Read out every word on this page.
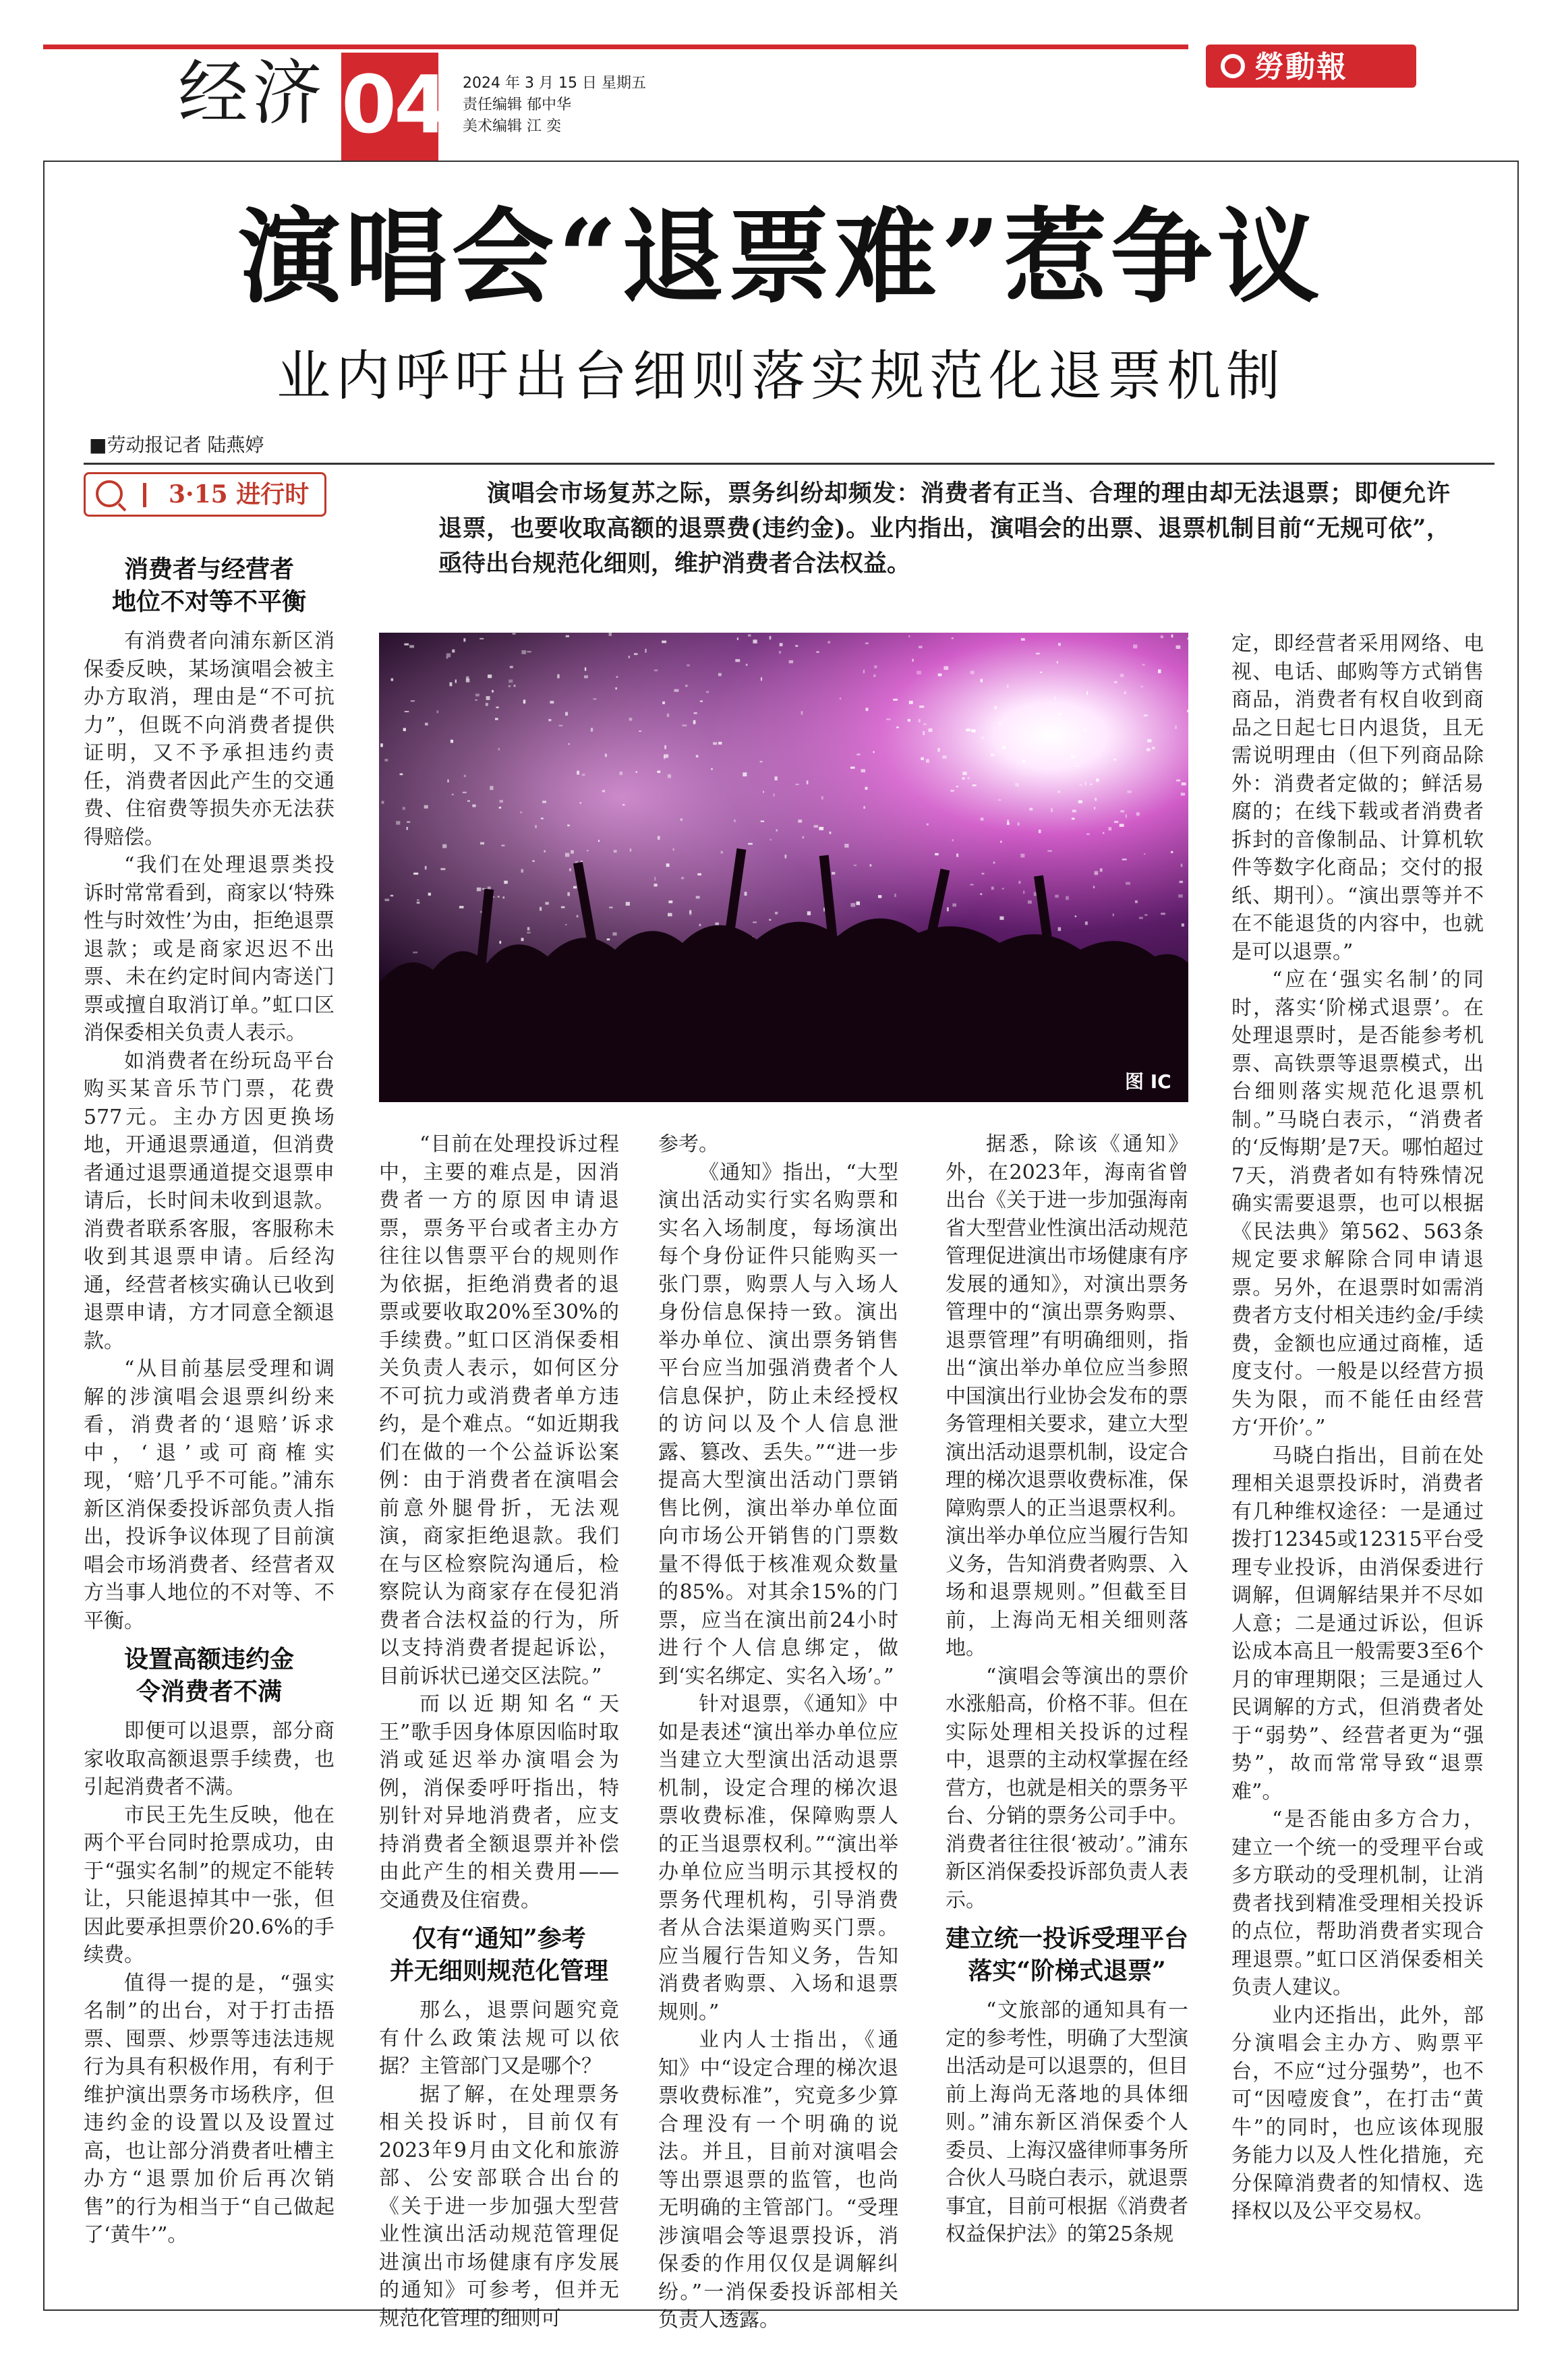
经济 04 2024 年 3 月 15 日 星期五
责任编辑 郁中华
美术编辑 江 奕
勞動報
演唱会“退票难”惹争议
业内呼吁出台细则落实规范化退票机制
■劳动报记者 陆燕婷
3·15 进行时	演唱会市场复苏之际，票务纠纷却频发：消费者有正当、合理的理由却无法退票；即便允许退票，也要收取高额的退票费(违约金)。业内指出，演唱会的出票、退票机制目前“无规可依”，亟待出台规范化细则，维护消费者合法权益。
图 IC
消费者与经营者
地位不对等不平衡

有消费者向浦东新区消保委反映，某场演唱会被主办方取消，理由是“不可抗力”，但既不向消费者提供证明，又不予承担违约责任，消费者因此产生的交通费、住宿费等损失亦无法获得赔偿。

“我们在处理退票类投诉时常常看到，商家以‘特殊性与时效性’为由，拒绝退票退款；或是商家迟迟不出票、未在约定时间内寄送门票或擅自取消订单。”虹口区消保委相关负责人表示。

如消费者在纷玩岛平台购买某音乐节门票，花费577元。主办方因更换场地，开通退票通道，但消费者通过退票通道提交退票申请后，长时间未收到退款。消费者联系客服，客服称未收到其退票申请。后经沟通，经营者核实确认已收到退票申请，方才同意全额退款。

“从目前基层受理和调解的涉演唱会退票纠纷来看，消费者的‘退赔’诉求中，‘退’或可商榷实现，‘赔’几乎不可能。”浦东新区消保委投诉部负责人指出，投诉争议体现了目前演唱会市场消费者、经营者双方当事人地位的不对等、不平衡。

设置高额违约金
令消费者不满

即便可以退票，部分商家收取高额退票手续费，也引起消费者不满。

市民王先生反映，他在两个平台同时抢票成功，由于“强实名制”的规定不能转让，只能退掉其中一张，但因此要承担票价20.6%的手续费。

值得一提的是，“强实名制”的出台，对于打击捂票、囤票、炒票等违法违规行为具有积极作用，有利于维护演出票务市场秩序，但违约金的设置以及设置过高，也让部分消费者吐槽主办方“退票加价后再次销售”的行为相当于“自己做起了‘黄牛’”。

“目前在处理投诉过程中，主要的难点是，因消费者一方的原因申请退票，票务平台或者主办方往往以售票平台的规则作为依据，拒绝消费者的退票或要收取20%至30%的手续费。”虹口区消保委相关负责人表示，如何区分不可抗力或消费者单方违约，是个难点。“如近期我们在做的一个公益诉讼案例：由于消费者在演唱会前意外腿骨折，无法观演，商家拒绝退款。我们在与区检察院沟通后，检察院认为商家存在侵犯消费者合法权益的行为，所以支持消费者提起诉讼，目前诉状已递交区法院。”

而以近期知名“天王”歌手因身体原因临时取消或延迟举办演唱会为例，消保委呼吁指出，特别针对异地消费者，应支持消费者全额退票并补偿由此产生的相关费用——交通费及住宿费。

仅有“通知”参考
并无细则规范化管理

那么，退票问题究竟有什么政策法规可以依据？主管部门又是哪个？

据了解，在处理票务相关投诉时，目前仅有2023年9月由文化和旅游部、公安部联合出台的《关于进一步加强大型营业性演出活动规范管理促进演出市场健康有序发展的通知》可参考，但并无规范化管理的细则可

参考。

《通知》指出，“大型演出活动实行实名购票和实名入场制度，每场演出每个身份证件只能购买一张门票，购票人与入场人身份信息保持一致。演出举办单位、演出票务销售平台应当加强消费者个人信息保护，防止未经授权的访问以及个人信息泄露、篡改、丢失。”“进一步提高大型演出活动门票销售比例，演出举办单位面向市场公开销售的门票数量不得低于核准观众数量的85%。对其余15%的门票，应当在演出前24小时进行个人信息绑定，做到‘实名绑定、实名入场’。”

针对退票，《通知》中如是表述“演出举办单位应当建立大型演出活动退票机制，设定合理的梯次退票收费标准，保障购票人的正当退票权利。”“演出举办单位应当明示其授权的票务代理机构，引导消费者从合法渠道购买门票。应当履行告知义务，告知消费者购票、入场和退票规则。”

业内人士指出，《通知》中“设定合理的梯次退票收费标准”，究竟多少算合理没有一个明确的说法。并且，目前对演唱会等出票退票的监管，也尚无明确的主管部门。“受理涉演唱会等退票投诉，消保委的作用仅仅是调解纠纷。”一消保委投诉部相关负责人透露。

据悉，除该《通知》外，在2023年，海南省曾出台《关于进一步加强海南省大型营业性演出活动规范管理促进演出市场健康有序发展的通知》，对演出票务管理中的“演出票务购票、退票管理”有明确细则，指出“演出举办单位应当参照中国演出行业协会发布的票务管理相关要求，建立大型演出活动退票机制，设定合理的梯次退票收费标准，保障购票人的正当退票权利。演出举办单位应当履行告知义务，告知消费者购票、入场和退票规则。”但截至目前，上海尚无相关细则落地。

“演唱会等演出的票价水涨船高，价格不菲。但在实际处理相关投诉的过程中，退票的主动权掌握在经营方，也就是相关的票务平台、分销的票务公司手中。消费者往往很‘被动’。”浦东新区消保委投诉部负责人表示。

建立统一投诉受理平台
落实“阶梯式退票”

“文旅部的通知具有一定的参考性，明确了大型演出活动是可以退票的，但目前上海尚无落地的具体细则。”浦东新区消保委个人委员、上海汉盛律师事务所合伙人马晓白表示，就退票事宜，目前可根据《消费者权益保护法》的第25条规

定，即经营者采用网络、电视、电话、邮购等方式销售商品，消费者有权自收到商品之日起七日内退货，且无需说明理由（但下列商品除外：消费者定做的；鲜活易腐的；在线下载或者消费者拆封的音像制品、计算机软件等数字化商品；交付的报纸、期刊）。“演出票等并不在不能退货的内容中，也就是可以退票。”

“应在‘强实名制’的同时，落实‘阶梯式退票’。在处理退票时，是否能参考机票、高铁票等退票模式，出台细则落实规范化退票机制。”马晓白表示，“消费者的‘反悔期’是7天。哪怕超过7天，消费者如有特殊情况确实需要退票，也可以根据《民法典》第562、563条规定要求解除合同申请退票。另外，在退票时如需消费者方支付相关违约金/手续费，金额也应通过商榷，适度支付。一般是以经营方损失为限，而不能任由经营方‘开价’。”

马晓白指出，目前在处理相关退票投诉时，消费者有几种维权途径：一是通过拨打12345或12315平台受理专业投诉，由消保委进行调解，但调解结果并不尽如人意；二是通过诉讼，但诉讼成本高且一般需要3至6个月的审理期限；三是通过人民调解的方式，但消费者处于“弱势”、经营者更为“强势”，故而常常导致“退票难”。

“是否能由多方合力，建立一个统一的受理平台或多方联动的受理机制，让消费者找到精准受理相关投诉的点位，帮助消费者实现合理退票。”虹口区消保委相关负责人建议。

业内还指出，此外，部分演唱会主办方、购票平台，不应“过分强势”，也不可“因噎废食”，在打击“黄牛”的同时，也应该体现服务能力以及人性化措施，充分保障消费者的知情权、选择权以及公平交易权。
